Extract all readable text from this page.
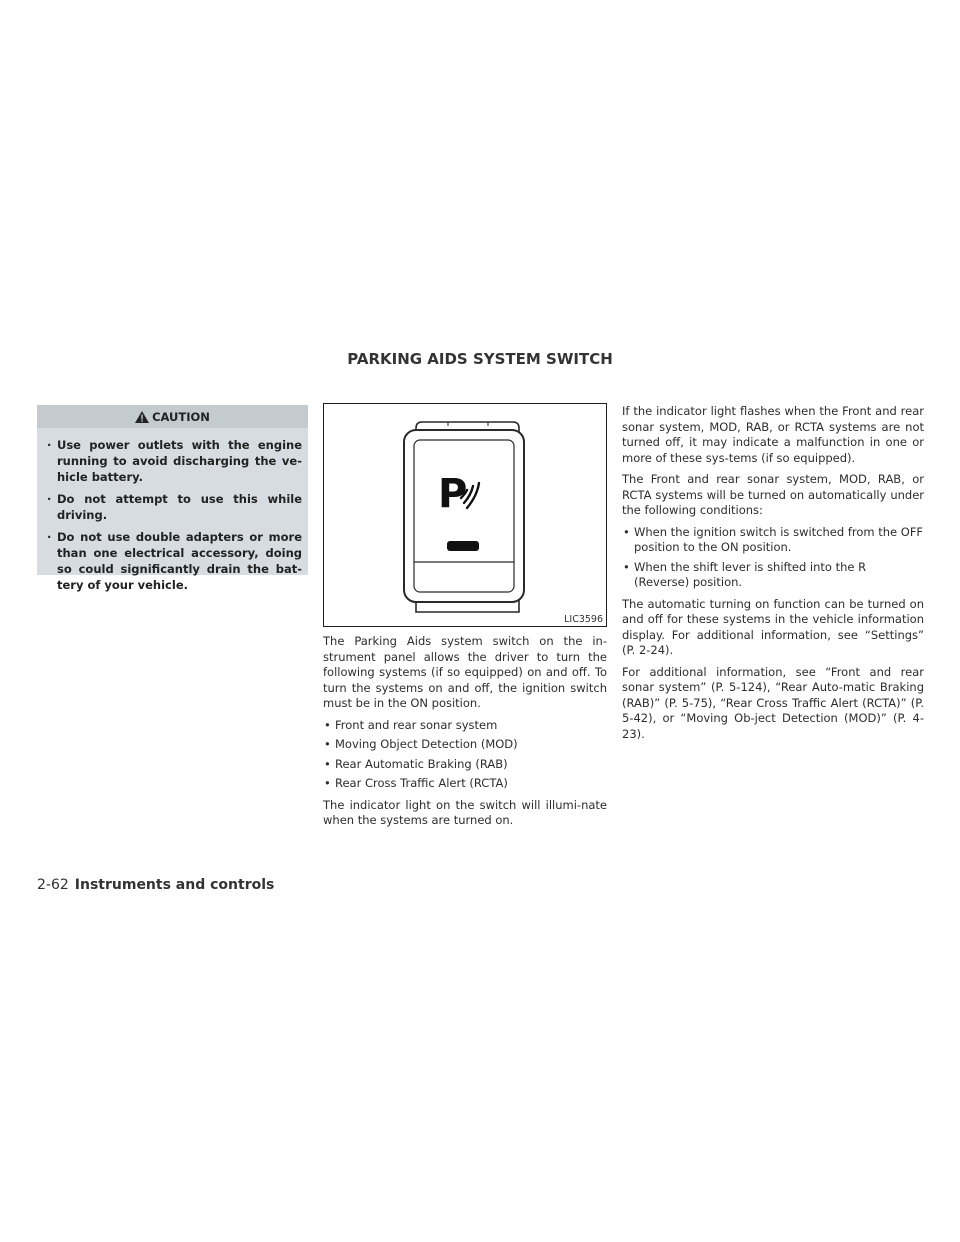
PARKING AIDS SYSTEM SWITCH
CAUTION
· Use power outlets with the engine running to avoid discharging the ve-hicle battery.
· Do not attempt to use this while driving.
· Do not use double adapters or more than one electrical accessory, doing so could significantly drain the bat-tery of your vehicle.
P
LIC3596

The Parking Aids system switch on the in-strument panel allows the driver to turn the following systems (if so equipped) on and off. To turn the systems on and off, the ignition switch must be in the ON position.

• Front and rear sonar system
• Moving Object Detection (MOD)
• Rear Automatic Braking (RAB)
• Rear Cross Traffic Alert (RCTA)

The indicator light on the switch will illumi-nate when the systems are turned on.

If the indicator light flashes when the Front and rear sonar system, MOD, RAB, or RCTA systems are not turned off, it may indicate a malfunction in one or more of these sys-tems (if so equipped).

The Front and rear sonar system, MOD, RAB, or RCTA systems will be turned on automatically under the following conditions:

• When the ignition switch is switched from the OFF position to the ON position.
• When the shift lever is shifted into the R (Reverse) position.

The automatic turning on function can be turned on and off for these systems in the vehicle information display. For additional information, see “Settings” (P. 2-24).

For additional information, see “Front and rear sonar system” (P. 5-124), “Rear Auto-matic Braking (RAB)” (P. 5-75), “Rear Cross Traffic Alert (RCTA)” (P. 5-42), or “Moving Ob-ject Detection (MOD)” (P. 4-23).

2-62 Instruments and controls
